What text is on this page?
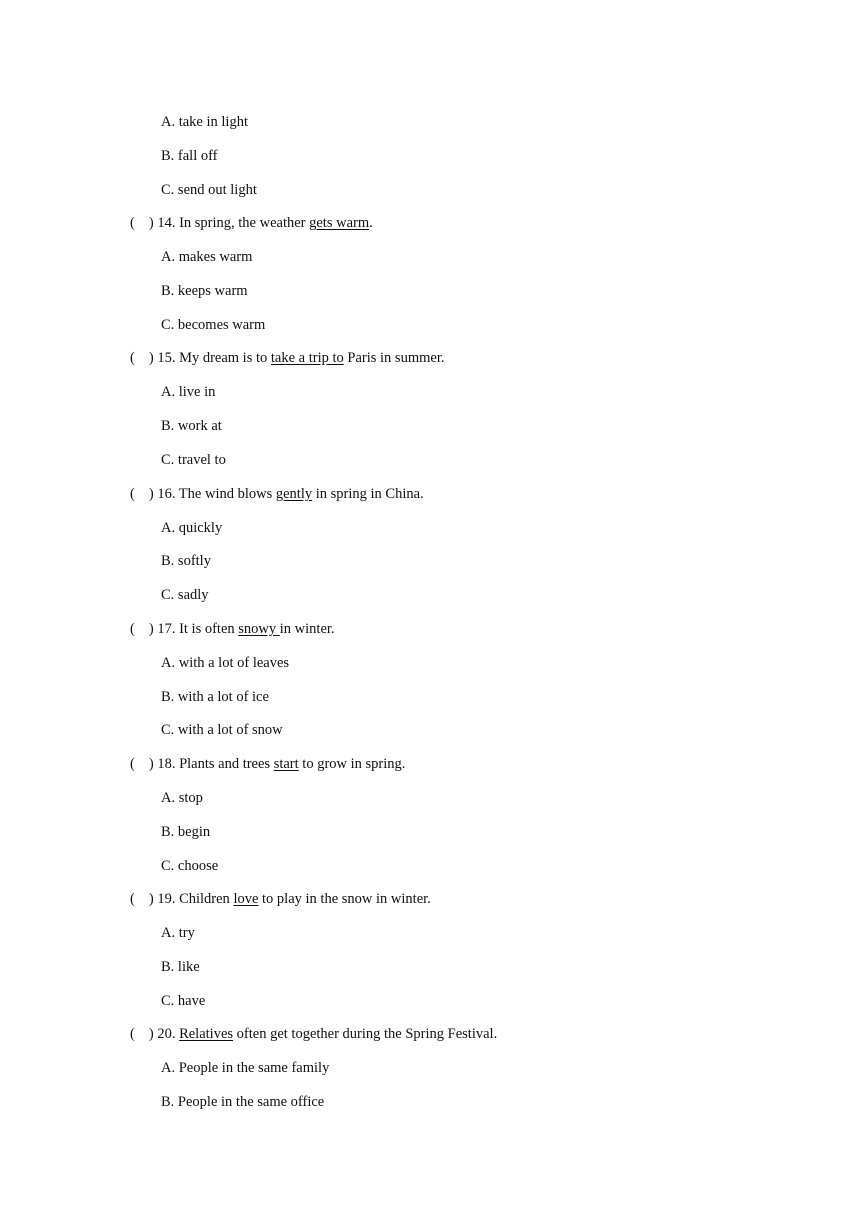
A. take in light
B. fall off
C. send out light
( ) 14. In spring, the weather gets warm.
A. makes warm
B. keeps warm
C. becomes warm
( ) 15. My dream is to take a trip to Paris in summer.
A. live in
B. work at
C. travel to
( ) 16. The wind blows gently in spring in China.
A. quickly
B. softly
C. sadly
( ) 17. It is often snowy in winter.
A. with a lot of leaves
B. with a lot of ice
C. with a lot of snow
( ) 18. Plants and trees start to grow in spring.
A. stop
B. begin
C. choose
( ) 19. Children love to play in the snow in winter.
A. try
B. like
C. have
( ) 20. Relatives often get together during the Spring Festival.
A. People in the same family
B. People in the same office
